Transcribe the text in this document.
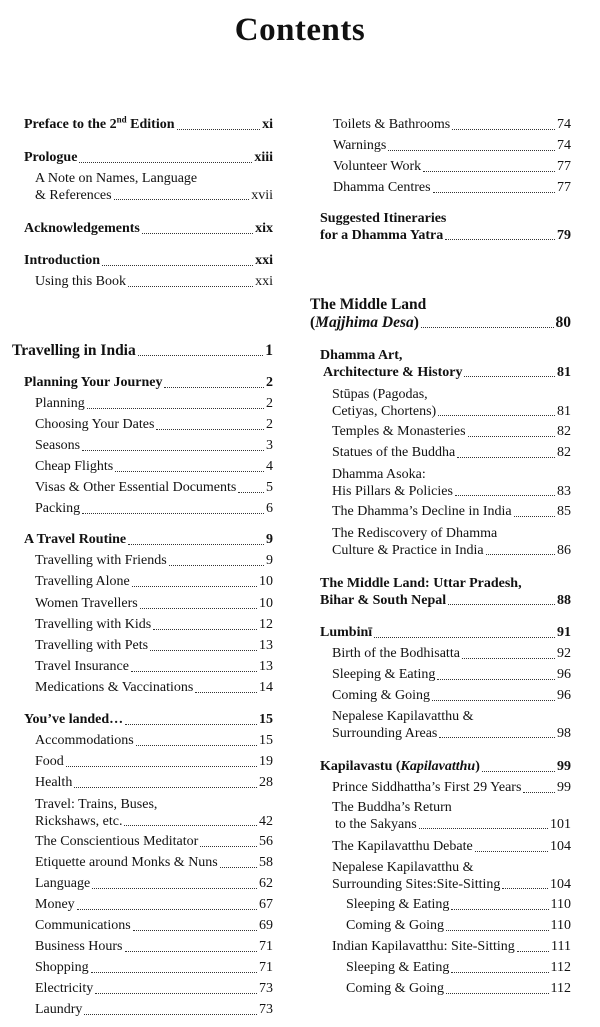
Contents
Preface to the 2nd Edition	xi
Prologue	xiii
A Note on Names, Language
& References	xvii
Acknowledgements	xix
Introduction	xxi
Using this Book	xxi
Travelling in India	1
Planning Your Journey	2
Planning	2
Choosing Your Dates	2
Seasons	3
Cheap Flights	4
Visas & Other Essential Documents 5
Packing	6
A Travel Routine	9
Travelling with Friends	9
Travelling Alone	10
Women Travellers	10
Travelling with Kids	12
Travelling with Pets	13
Travel Insurance	13
Medications & Vaccinations	14
You’ve landed…	15
Accommodations	15
Food	19
Health	28
Travel: Trains, Buses,
Rickshaws, etc.	42
The Conscientious Meditator	56
Etiquette around Monks & Nuns	58
Language	62
Money	67
Communications	69
Business Hours	71
Shopping	71
Electricity	73
Laundry	73
Toilets & Bathrooms	74
Warnings	74
Volunteer Work	77
Dhamma Centres	77
Suggested Itineraries
for a Dhamma Yatra	79
The Middle Land
(Majjhima Desa)	80
Dhamma Art,
Architecture & History	81
Stūpas (Pagodas,
Cetiyas, Chortens)	81
Temples & Monasteries	82
Statues of the Buddha	82
Dhamma Asoka:
His Pillars & Policies	83
The Dhamma’s Decline in India	85
The Rediscovery of Dhamma
Culture & Practice in India	86
The Middle Land: Uttar Pradesh,
Bihar & South Nepal	88
Lumbinī	91
Birth of the Bodhisatta	92
Sleeping & Eating	96
Coming & Going	96
Nepalese Kapilavatthu &
Surrounding Areas	98
Kapilavastu (Kapilavatthu)	99
Prince Siddhattha’s First 29 Years	99
The Buddha’s Return
to the Sakyans	101
The Kapilavatthu Debate	104
Nepalese Kapilavatthu &
Surrounding Sites:Site-Sitting	104
Sleeping & Eating	110
Coming & Going	110
Indian Kapilavatthu: Site-Sitting	111
Sleeping & Eating	112
Coming & Going	112
